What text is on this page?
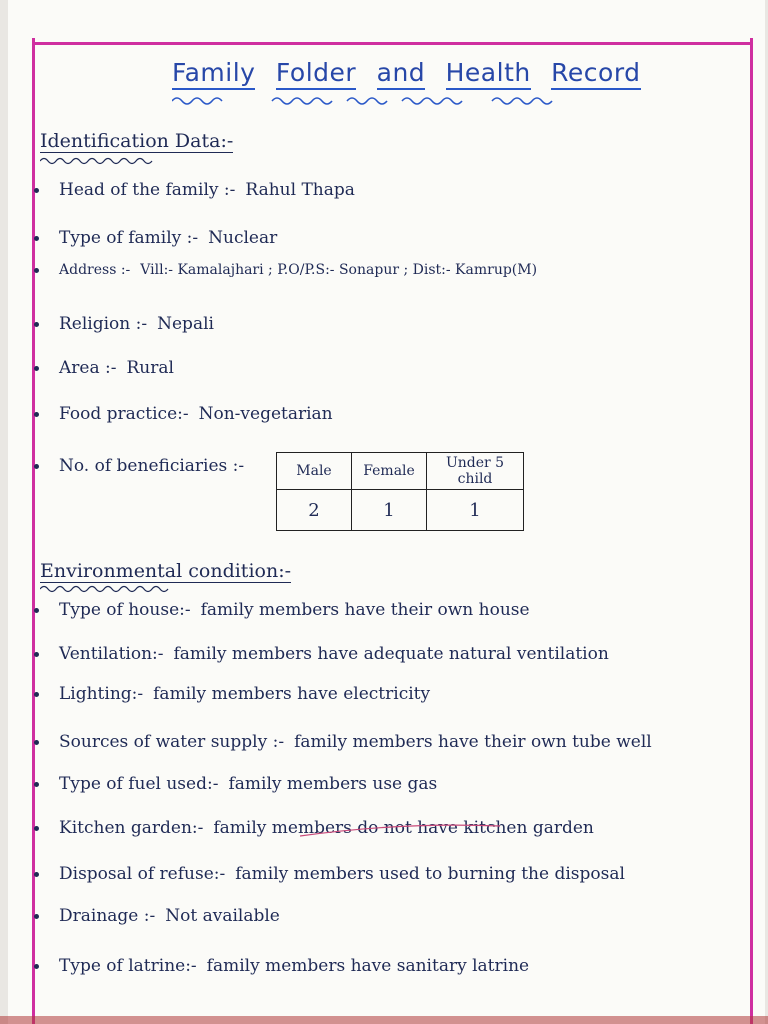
Family Folder and Health Record
Identification Data:-
Head of the family :- Rahul Thapa
Type of family :- Nuclear
Address :- Vill:- Kamalajhari ; P.O/P.S:- Sonapur ; Dist:- Kamrup(M)
Religion :- Nepali
Area :- Rural
Food practice:- Non-vegetarian
No. of beneficiaries :-	Male	Female	Under 5 child
2	1	1
Environmental condition:-
Type of house:- family members have their own house
Ventilation:- family members have adequate natural ventilation
Lighting:- family members have electricity
Sources of water supply :- family members have their own tube well
Type of fuel used:- family members use gas
Kitchen garden:- family members do not have kitchen garden
Disposal of refuse:- family members used to burning the disposal
Drainage :- Not available
Type of latrine:- family members have sanitary latrine
